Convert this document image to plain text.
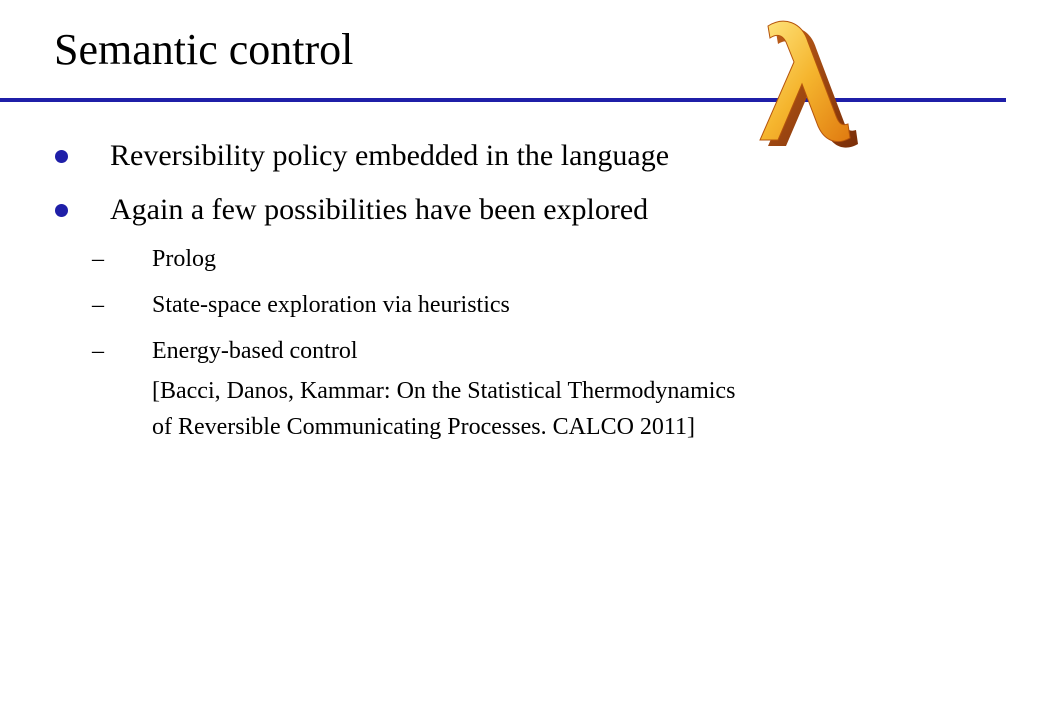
Semantic control
Reversibility policy embedded in the language
Again a few possibilities have been explored
– Prolog
– State-space exploration via heuristics
– Energy-based control
[Bacci, Danos, Kammar: On the Statistical Thermodynamics
of Reversible Communicating Processes. CALCO 2011]
